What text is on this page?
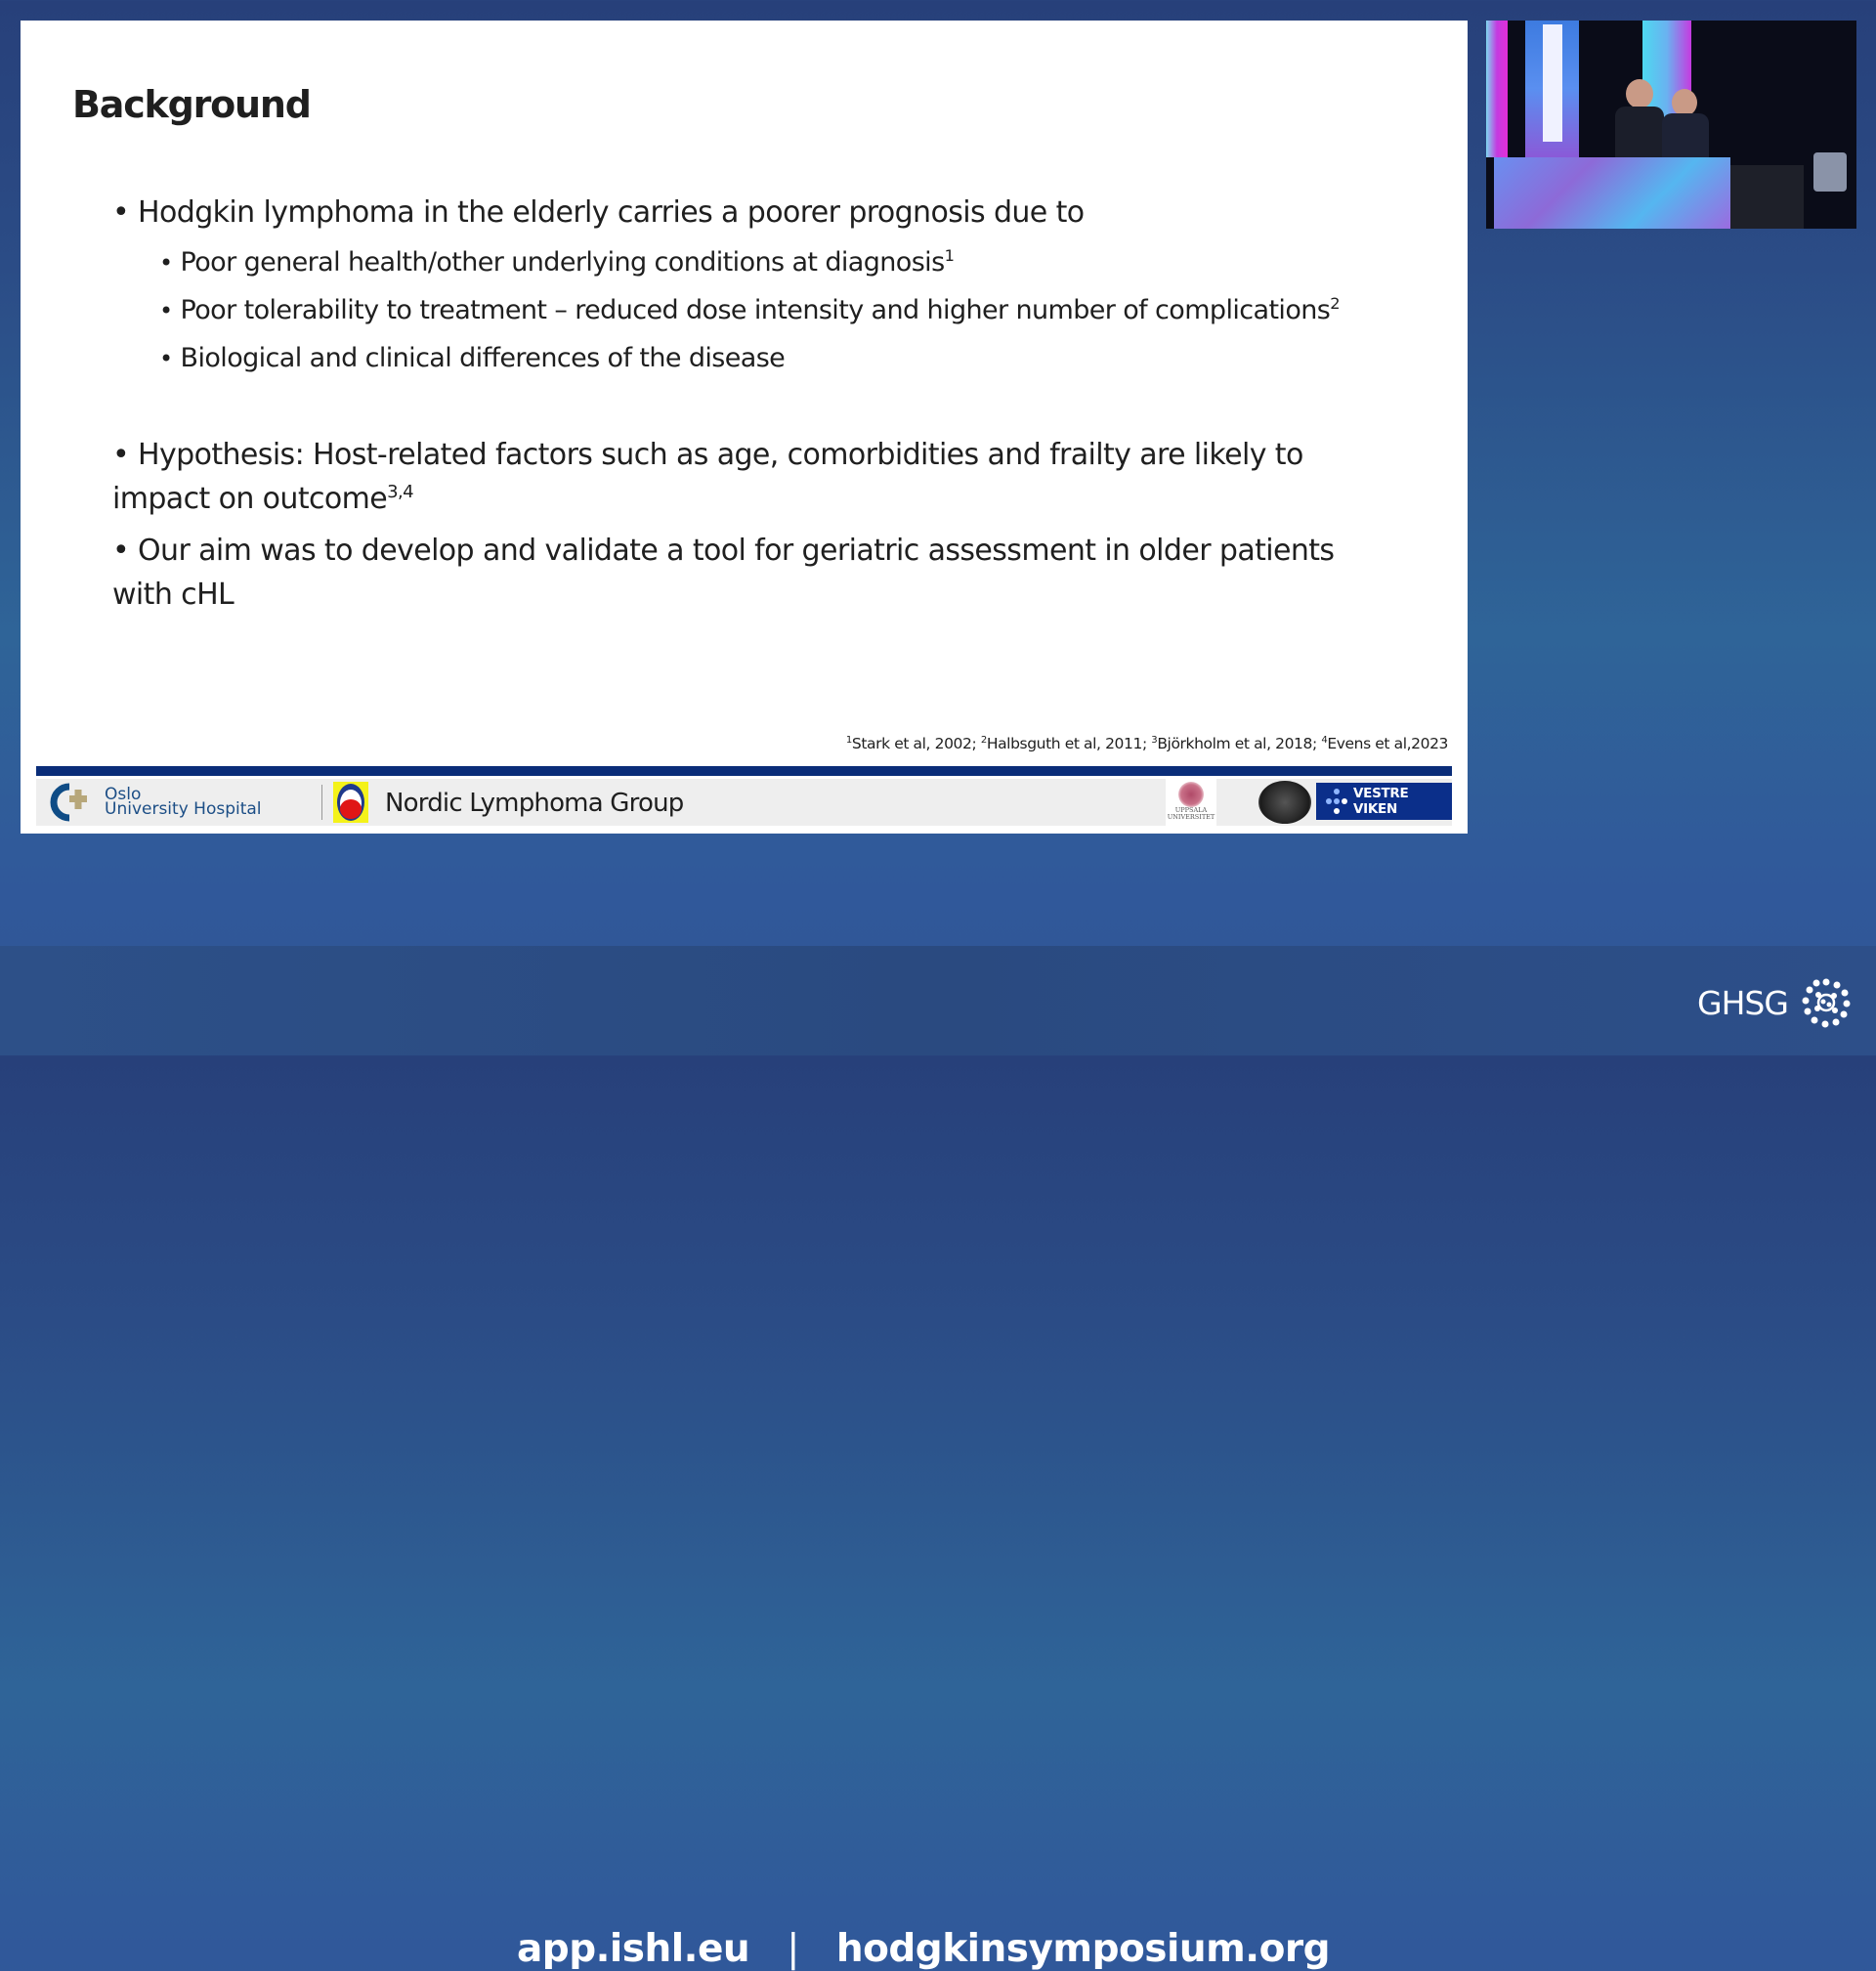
Background
• Hodgkin lymphoma in the elderly carries a poorer prognosis due to
• Poor general health/other underlying conditions at diagnosis$^1$
• Poor tolerability to treatment – reduced dose intensity and higher number of complications$^2$
• Biological and clinical differences of the disease
• Hypothesis: Host-related factors such as age, comorbidities and frailty are likely to
impact on outcome$^{3,4}$
• Our aim was to develop and validate a tool for geriatric assessment in older patients
with cHL
$^1$Stark et al, 2002; $^2$Halbsguth et al, 2011; $^3$Björkholm et al, 2018; $^4$Evens et al,2023
Oslo
University Hospital	Nordic Lymphoma Group	UPPSALA
UNIVERSITET
VESTRE VIKEN
app.ishl.eu | hodgkinsymposium.org
GHSG
